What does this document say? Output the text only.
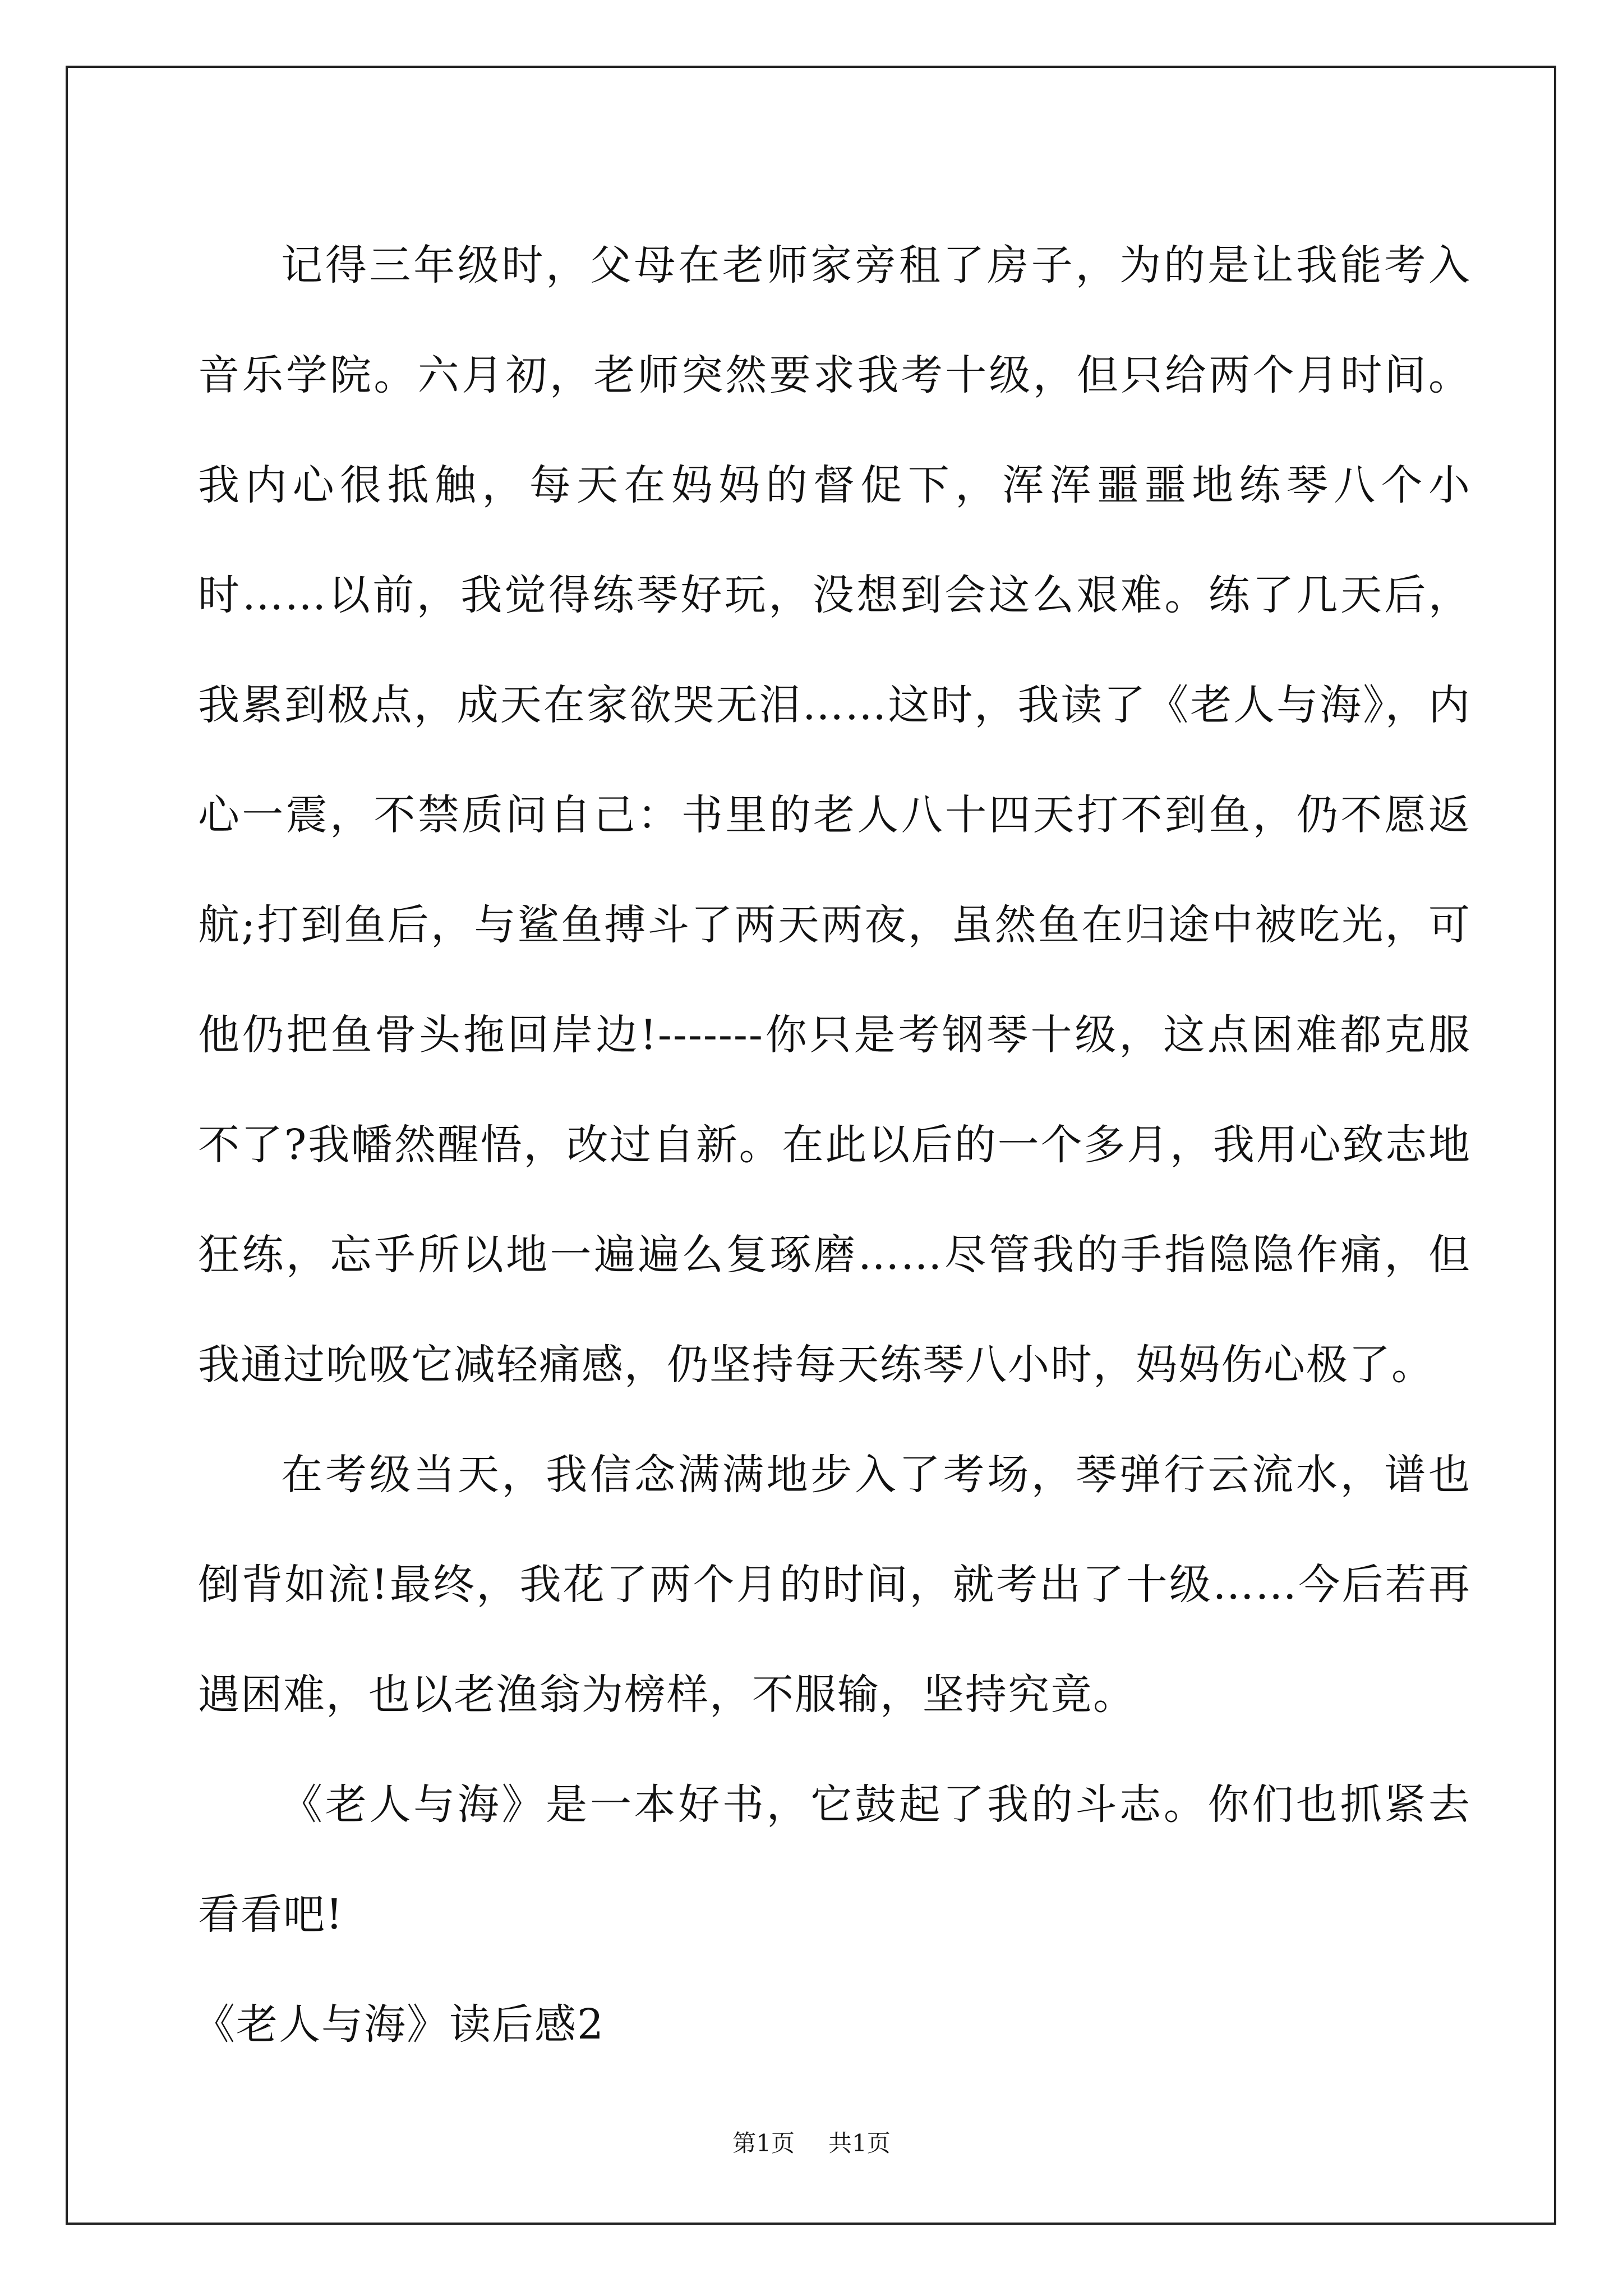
记得三年级时，父母在老师家旁租了房子，为的是让我能考入音乐学院。六月初，老师突然要求我考十级，但只给两个月时间。我内心很抵触，每天在妈妈的督促下，浑浑噩噩地练琴八个小时……以前，我觉得练琴好玩，没想到会这么艰难。练了几天后，我累到极点，成天在家欲哭无泪……这时，我读了《老人与海》，内心一震，不禁质问自己：书里的老人八十四天打不到鱼，仍不愿返航;打到鱼后，与鲨鱼搏斗了两天两夜，虽然鱼在归途中被吃光，可他仍把鱼骨头拖回岸边!-------你只是考钢琴十级，这点困难都克服不了?我幡然醒悟，改过自新。在此以后的一个多月，我用心致志地狂练，忘乎所以地一遍遍么复琢磨……尽管我的手指隐隐作痛，但我通过吮吸它减轻痛感，仍坚持每天练琴八小时，妈妈伤心极了。

在考级当天，我信念满满地步入了考场，琴弹行云流水，谱也倒背如流!最终，我花了两个月的时间，就考出了十级……今后若再遇困难，也以老渔翁为榜样，不服输，坚持究竟。

《老人与海》是一本好书，它鼓起了我的斗志。你们也抓紧去看看吧!

《老人与海》读后感2

第1页 共1页
